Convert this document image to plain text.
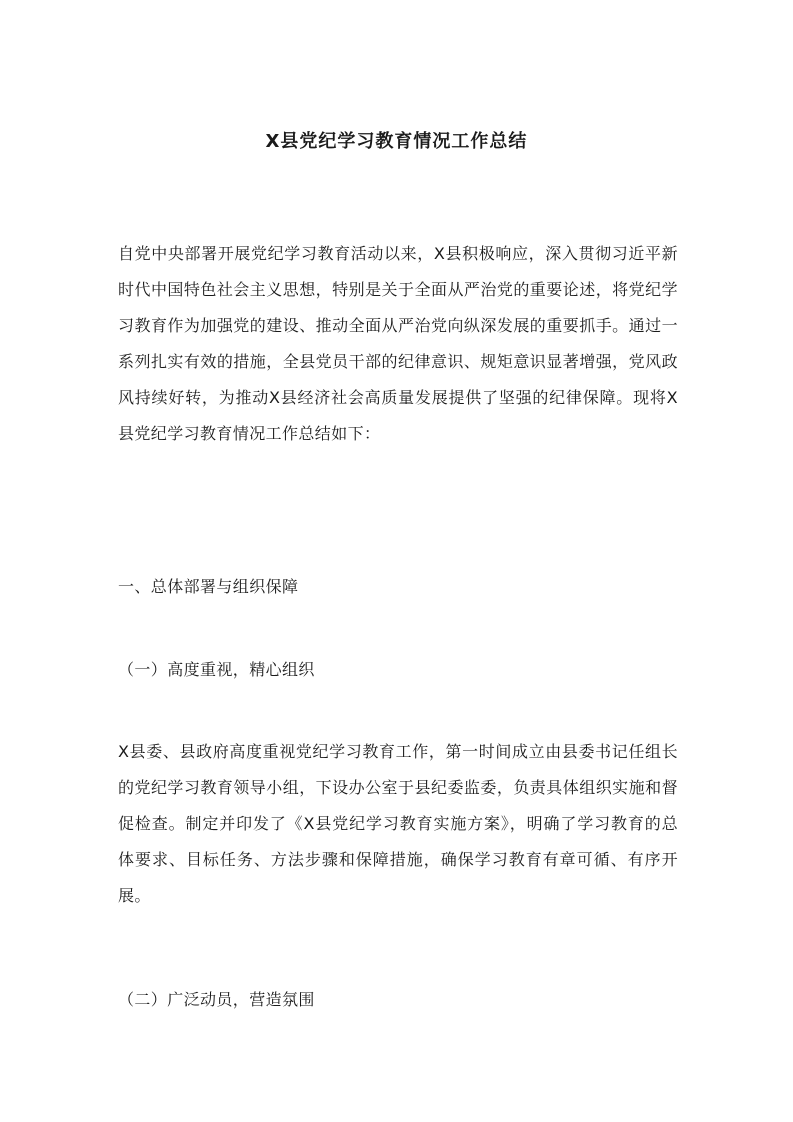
X县党纪学习教育情况工作总结

自党中央部署开展党纪学习教育活动以来，X县积极响应，深入贯彻习近平新时代中国特色社会主义思想，特别是关于全面从严治党的重要论述，将党纪学习教育作为加强党的建设、推动全面从严治党向纵深发展的重要抓手。通过一系列扎实有效的措施，全县党员干部的纪律意识、规矩意识显著增强，党风政风持续好转，为推动X县经济社会高质量发展提供了坚强的纪律保障。现将X县党纪学习教育情况工作总结如下：

一、总体部署与组织保障
（一）高度重视，精心组织

X县委、县政府高度重视党纪学习教育工作，第一时间成立由县委书记任组长的党纪学习教育领导小组，下设办公室于县纪委监委，负责具体组织实施和督促检查。制定并印发了《X县党纪学习教育实施方案》，明确了学习教育的总体要求、目标任务、方法步骤和保障措施，确保学习教育有章可循、有序开展。

（二）广泛动员，营造氛围
